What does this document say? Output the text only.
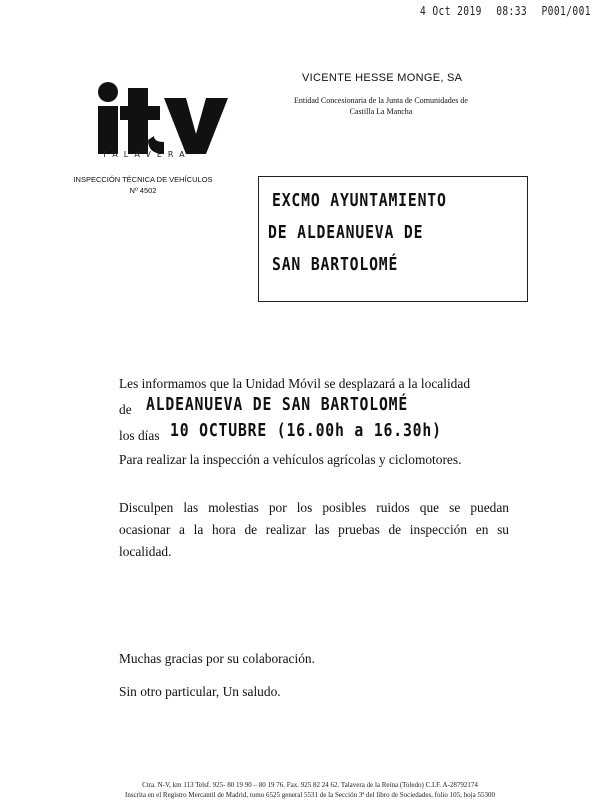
4 Oct 2019 08:33 P001/001
TALAVERA
VICENTE HESSE MONGE, SA
Entidad Concesionaria de la Junta de Comunidades de
Castilla La Mancha
INSPECCIÓN TÉCNICA DE VEHÍCULOS
Nº 4502	EXCMO AYUNTAMIENTO
DE ALDEANUEVA DE
SAN BARTOLOMÉ
Les informamos que la Unidad Móvil se desplazará a la localidad
de ALDEANUEVA DE SAN BARTOLOMÉ
los días 10 OCTUBRE (16.00h a 16.30h)
Para realizar la inspección a vehículos agrícolas y ciclomotores.
Disculpen las molestias por los posibles ruidos que se puedan
ocasionar a la hora de realizar las pruebas de inspección en su
localidad.
Muchas gracias por su colaboración.
Sin otro particular, Un saludo.
Ctra. N-V, km 113 Telsf. 925- 80 19 90 – 80 19 76. Fax. 925 82 24 62. Talavera de la Reina (Toledo) C.I.F. A-28792174
Inscrita en el Registro Mercantil de Madrid, tomo 6525 general 5531 de la Sección 3ª del libro de Sociedades, folio 105, hoja 55300
